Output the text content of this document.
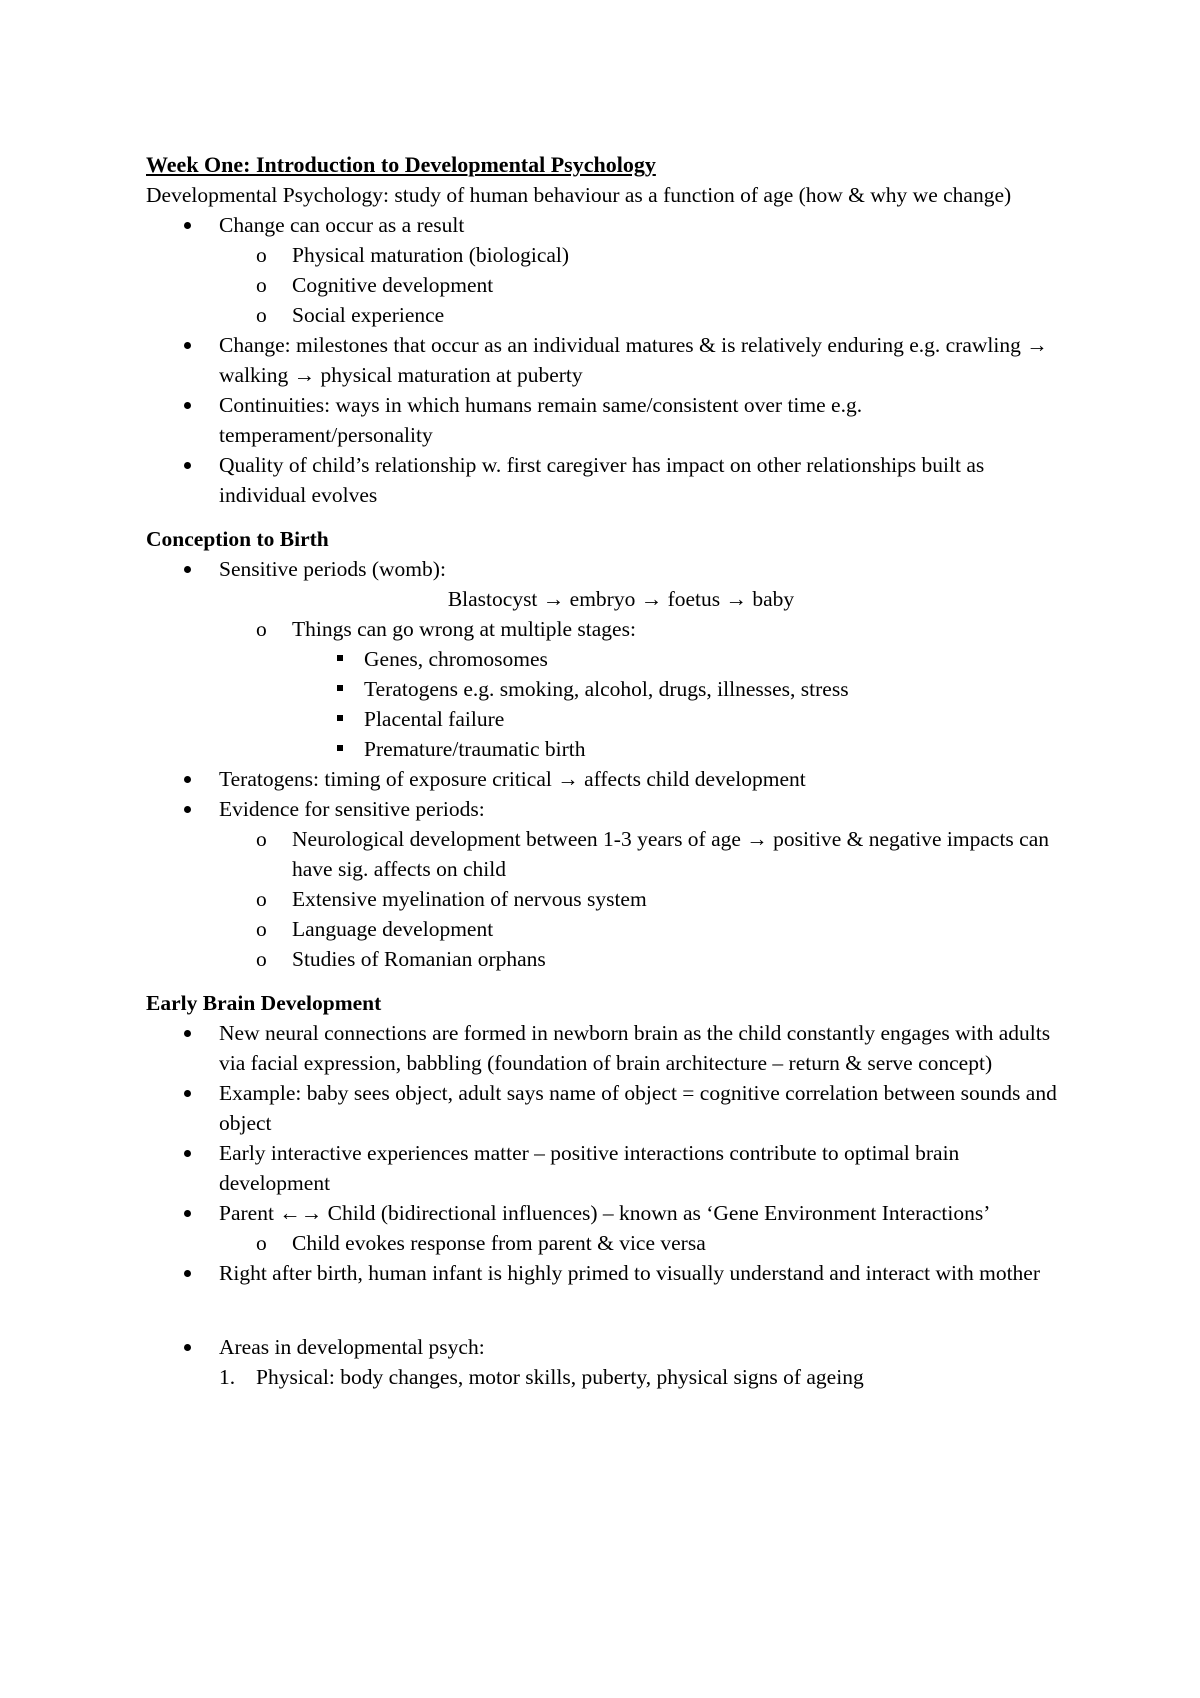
Week One: Introduction to Developmental Psychology
Developmental Psychology: study of human behaviour as a function of age (how & why we change)
Change can occur as a result
o Physical maturation (biological)
o Cognitive development
o Social experience
Change: milestones that occur as an individual matures & is relatively enduring e.g. crawling → walking → physical maturation at puberty
Continuities: ways in which humans remain same/consistent over time e.g. temperament/personality
Quality of child’s relationship w. first caregiver has impact on other relationships built as individual evolves
Conception to Birth
Sensitive periods (womb):
Blastocyst → embryo → foetus → baby
o Things can go wrong at multiple stages:
Genes, chromosomes
Teratogens e.g. smoking, alcohol, drugs, illnesses, stress
Placental failure
Premature/traumatic birth
Teratogens: timing of exposure critical → affects child development
Evidence for sensitive periods:
o Neurological development between 1-3 years of age → positive & negative impacts can have sig. affects on child
o Extensive myelination of nervous system
o Language development
o Studies of Romanian orphans
Early Brain Development
New neural connections are formed in newborn brain as the child constantly engages with adults via facial expression, babbling (foundation of brain architecture – return & serve concept)
Example: baby sees object, adult says name of object = cognitive correlation between sounds and object
Early interactive experiences matter – positive interactions contribute to optimal brain development
Parent ←→ Child (bidirectional influences) – known as ‘Gene Environment Interactions’
o Child evokes response from parent & vice versa
Right after birth, human infant is highly primed to visually understand and interact with mother
Areas in developmental psych:
1. Physical: body changes, motor skills, puberty, physical signs of ageing
